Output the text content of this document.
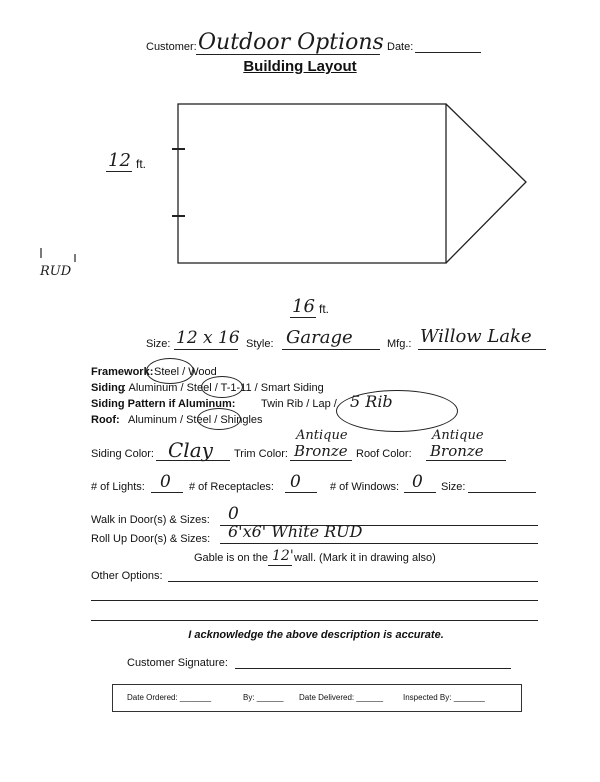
Customer: Outdoor Options Date:
Building Layout
12 ft.
RUD
16 ft.
Size: 12 x 16 Style: Garage	Mfg.: Willow Lake
Framework: Steel / Wood
Siding
: Aluminum / Steel / T-1-11 / Smart Siding
Siding Pattern if Aluminum: Twin Rib / Lap / 5 Rib
Roof: Aluminum / Steel / Shingles
Siding Color: Clay Trim Color:
Antique
Bronze Roof Color:
Antique
Bronze
# of Lights: 0 # of Receptacles: 0	# of Windows: 0 Size:
Walk in Door(s) & Sizes: 0
Roll Up Door(s) & Sizes: 6'x6' White RUD
Gable is on the 12' wall. (Mark it in drawing also)
Other Options:
I acknowledge the above description is accurate.
Customer Signature:
Date Ordered: _______	By: ______ Date Delivered: ______ Inspected By: _______
